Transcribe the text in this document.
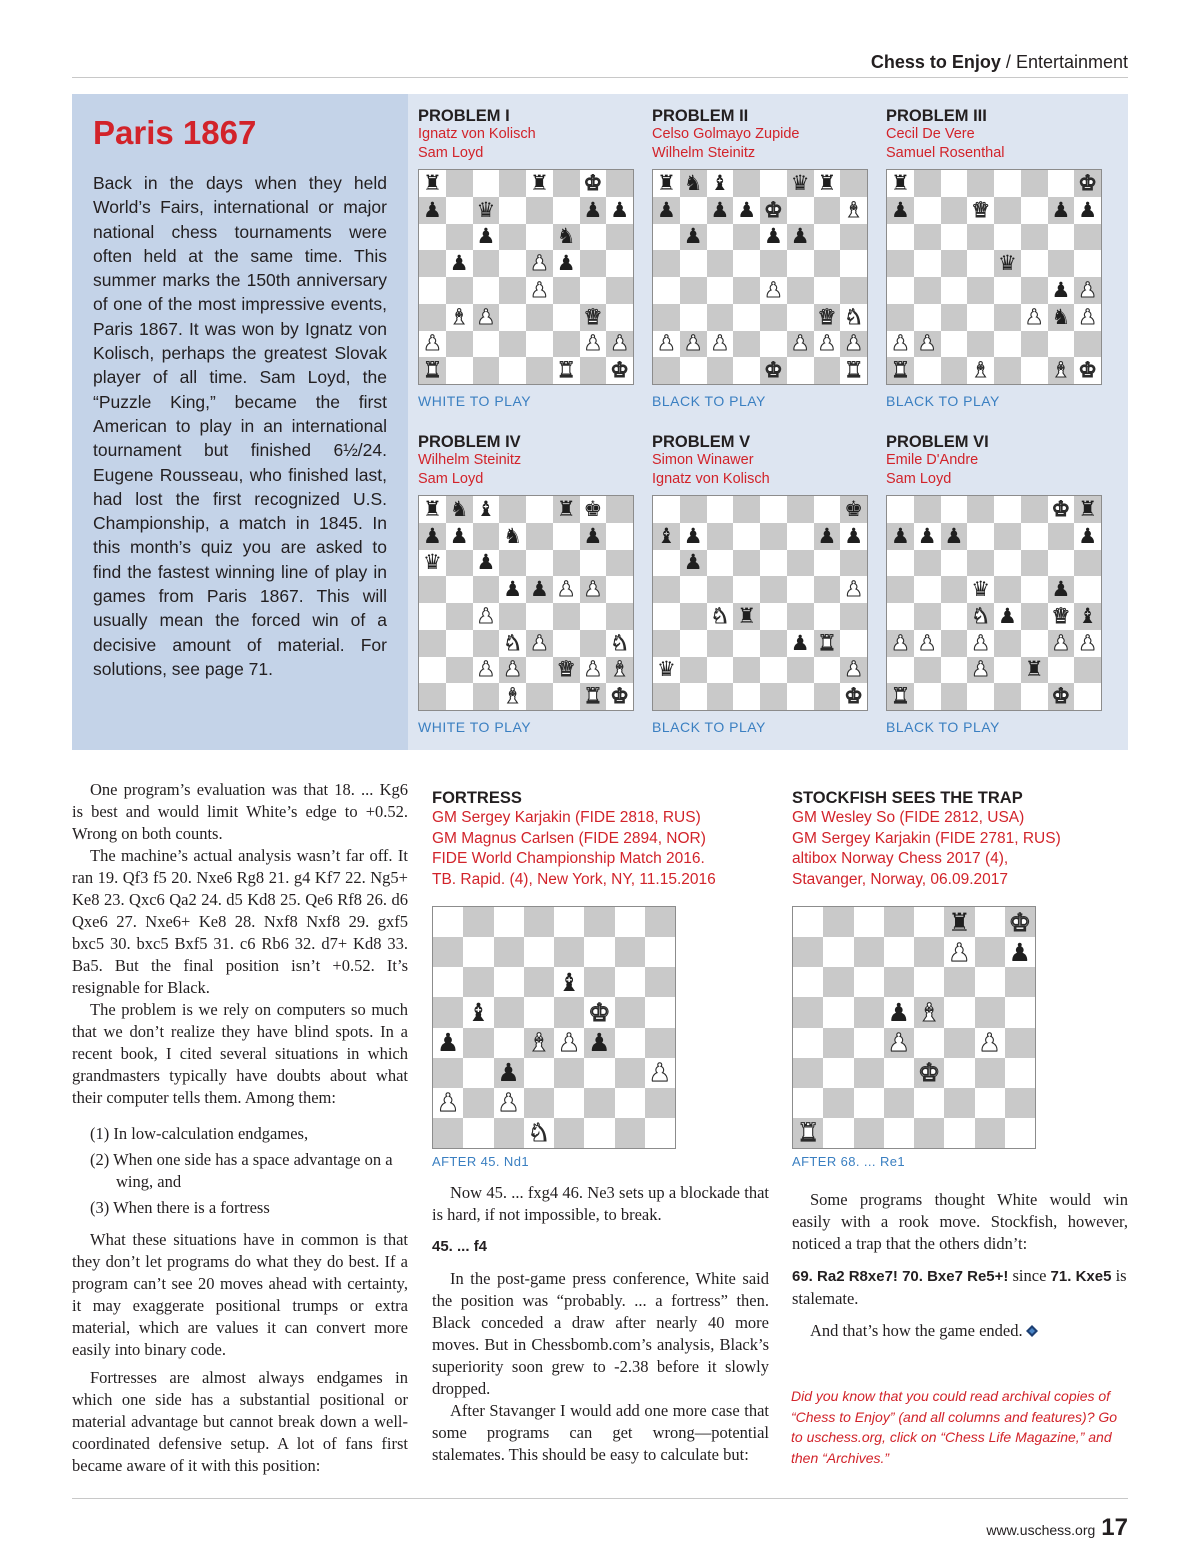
Chess to Enjoy / Entertainment
Paris 1867
Back in the days when they held World’s Fairs, international or major national chess tournaments were often held at the same time. This summer marks the 150th anniversary of one of the most impressive events, Paris 1867. It was won by Ignatz von Kolisch, perhaps the greatest Slovak player of all time. Sam Loyd, the “Puzzle King,” became the first American to play in an international tournament but finished 6½/24. Eugene Rousseau, who finished last, had lost the first recognized U.S. Championship, a match in 1845. In this month’s quiz you are asked to find the fastest winning line of play in games from Paris 1867. This will usually mean the forced win of a decisive amount of material. For solutions, see page 71.
PROBLEM I
Ignatz von Kolisch
Sam Loyd
♜	♜ ♚
♟ ♛	♟ ♟
♟	♞
♟	♟ ♟
♟
♝ ♟	♛
♟	♟ ♟
♜	♜ ♚
WHITE TO PLAY
PROBLEM II
Celso Golmayo Zupide
Wilhelm Steinitz
♜ ♞ ♝	♛ ♜
♟ ♟ ♟ ♚	♝
♟	♟ ♟
♟
♛ ♞
♟ ♟ ♟	♟ ♟ ♟
♚	♜
BLACK TO PLAY
PROBLEM III
Cecil De Vere
Samuel Rosenthal
♜	♚
♟	♛	♟ ♟
♛
♟ ♟
♟ ♞ ♟
♟ ♟
♜	♝	♝ ♚
BLACK TO PLAY
PROBLEM IV
Wilhelm Steinitz
Sam Loyd
♜ ♞ ♝	♜ ♚
♟ ♟ ♞	♟
♛ ♟
♟ ♟ ♟ ♟
♟
♞ ♟	♞
♟ ♟ ♛ ♟ ♝
♝	♜ ♚
WHITE TO PLAY
PROBLEM V
Simon Winawer
Ignatz von Kolisch
♚
♝ ♟	♟ ♟
♟
♟
♞ ♜
♟ ♜
♛	♟
♚
BLACK TO PLAY
PROBLEM VI
Emile D'Andre
Sam Loyd
♚ ♜
♟ ♟ ♟	♟
♛	♟
♞ ♟ ♛ ♝
♟ ♟ ♟	♟ ♟
♟ ♜
♜	♚
BLACK TO PLAY

One program’s evaluation was that 18. ... Kg6 is best and would limit White’s edge to +0.52. Wrong on both counts.

The machine’s actual analysis wasn’t far off. It ran 19. Qf3 f5 20. Nxe6 Rg8 21. g4 Kf7 22. Ng5+ Ke8 23. Qxc6 Qa2 24. d5 Kd8 25. Qe6 Rf8 26. d6 Qxe6 27. Nxe6+ Ke8 28. Nxf8 Nxf8 29. gxf5 bxc5 30. bxc5 Bxf5 31. c6 Rb6 32. d7+ Kd8 33. Ba5. But the final position isn’t +0.52. It’s resignable for Black.

The problem is we rely on computers so much that we don’t realize they have blind spots. In a recent book, I cited several situations in which grandmasters typically have doubts about what their computer tells them. Among them:

(1) In low-calculation endgames,

(2) When one side has a space advantage on a wing, and

(3) When there is a fortress

What these situations have in common is that they don’t let programs do what they do best. If a program can’t see 20 moves ahead with certainty, it may exaggerate positional trumps or extra material, which are values it can convert more easily into binary code.

Fortresses are almost always endgames in which one side has a substantial positional or material advantage but cannot break down a well-coordinated defensive setup. A lot of fans first became aware of it with this position:

FORTRESS
GM Sergey Karjakin (FIDE 2818, RUS)
GM Magnus Carlsen (FIDE 2894, NOR)
FIDE World Championship Match 2016.
TB. Rapid. (4), New York, NY, 11.15.2016
♝
♝	♚
♟	♝ ♟ ♟
♟	♟
♟ ♟
♞
AFTER 45. Nd1

Now 45. ... fxg4 46. Ne3 sets up a blockade that is hard, if not impossible, to break.

45. ... f4

In the post-game press conference, White said the position was “probably. ... a fortress” then. Black conceded a draw after nearly 40 more moves. But in Chessbomb.com’s analysis, Black’s superiority soon grew to -2.38 before it slowly dropped.

After Stavanger I would add one more case that some programs can get wrong—potential stalemates. This should be easy to calculate but:

STOCKFISH SEES THE TRAP
GM Wesley So (FIDE 2812, USA)
GM Sergey Karjakin (FIDE 2781, RUS)
altibox Norway Chess 2017 (4),
Stavanger, Norway, 06.09.2017
♜ ♚
♟ ♟
♟ ♝
♟	♟
♚
♜
AFTER 68. ... Re1

Some programs thought White would win easily with a rook move. Stockfish, however, noticed a trap that the others didn’t:

69. Ra2 R8xe7! 70. Bxe7 Re5+! since 71. Kxe5 is stalemate.

And that’s how the game ended.

Did you know that you could read archival copies of “Chess to Enjoy” (and all columns and features)? Go to uschess.org, click on “Chess Life Magazine,” and then “Archives.”
www.uschess.org 17
